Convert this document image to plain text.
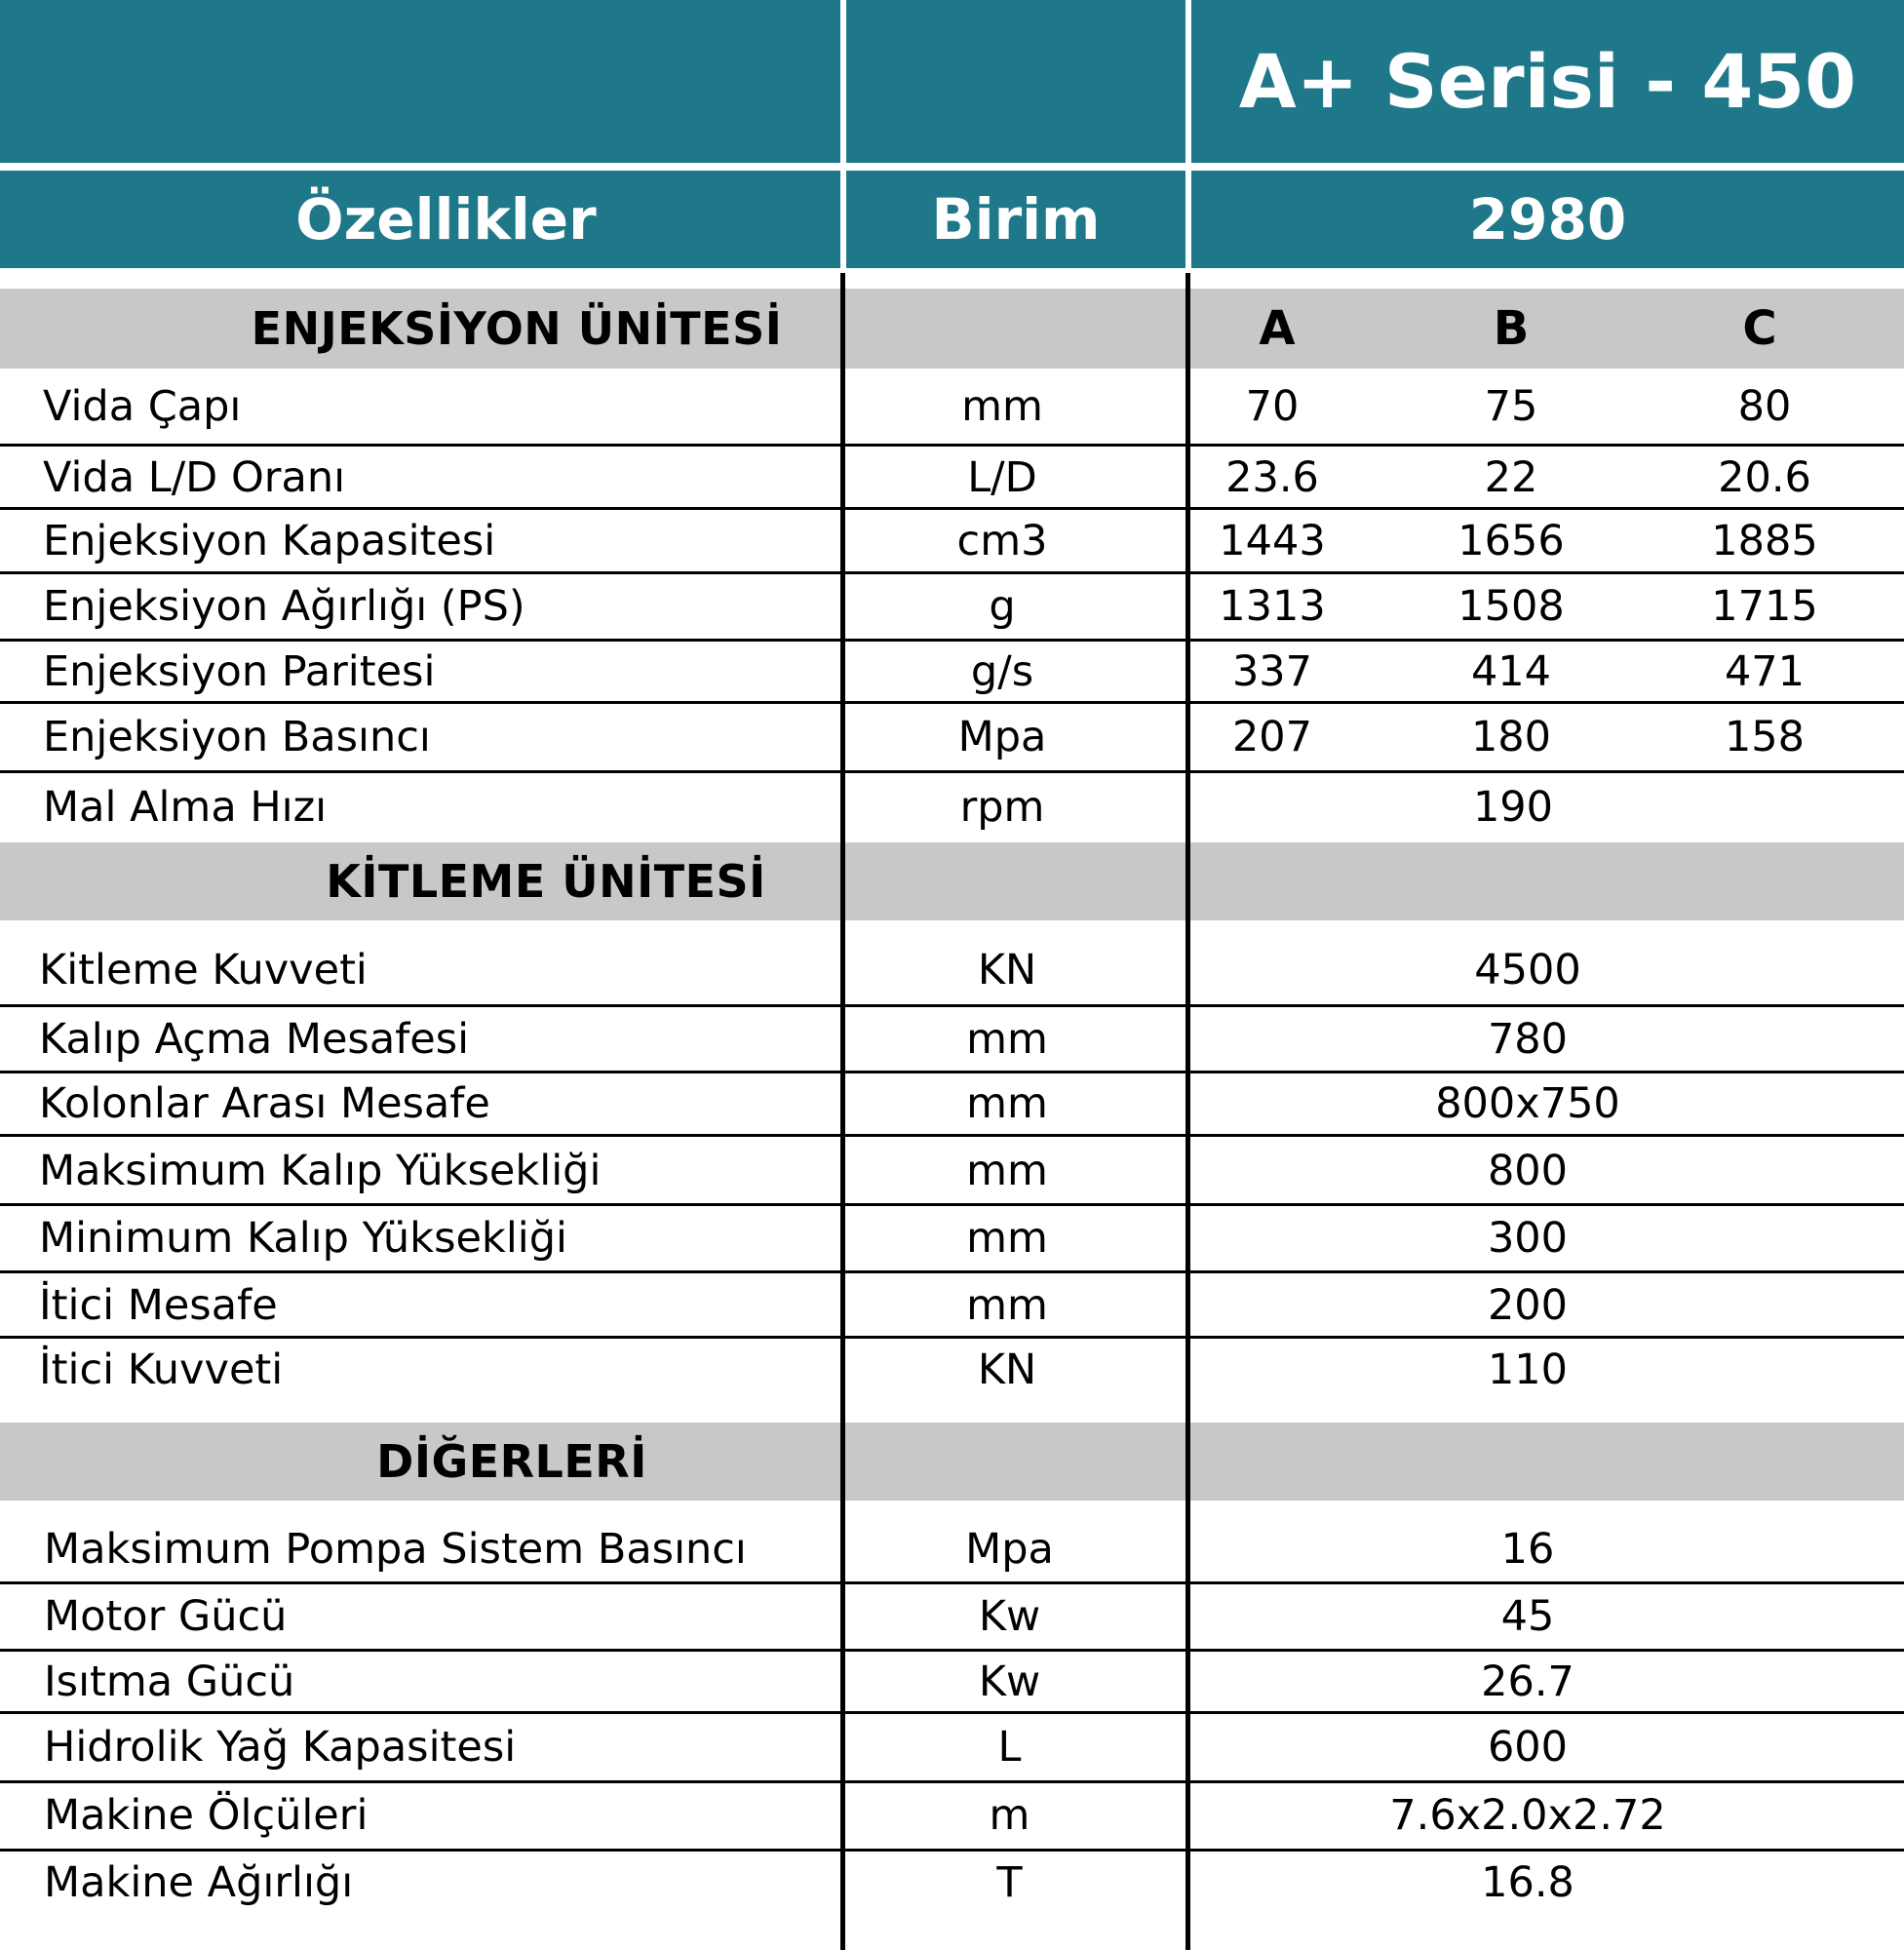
A+ Serisi - 450
Özellikler	Birim	2980
ENJEKSİYON ÜNİTESİ	A	B	C
Vida Çapı	mm	70	75	80
Vida L/D Oranı	L/D	23.6	22	20.6
Enjeksiyon Kapasitesi	cm3	1443	1656	1885
Enjeksiyon Ağırlığı (PS)	g	1313	1508	1715
Enjeksiyon Paritesi	g/s	337	414	471
Enjeksiyon Basıncı	Mpa	207	180	158
Mal Alma Hızı	rpm	190
KİTLEME ÜNİTESİ
Kitleme Kuvveti	KN	4500
Kalıp Açma Mesafesi	mm	780
Kolonlar Arası Mesafe	mm	800x750
Maksimum Kalıp Yüksekliği	mm	800
Minimum Kalıp Yüksekliği	mm	300
İtici Mesafe	mm	200
İtici Kuvveti	KN	110
DİĞERLERİ
Maksimum Pompa Sistem Basıncı	Mpa	16
Motor Gücü	Kw	45
Isıtma Gücü	Kw	26.7
Hidrolik Yağ Kapasitesi	L	600
Makine Ölçüleri	m	7.6x2.0x2.72
Makine Ağırlığı	T	16.8
